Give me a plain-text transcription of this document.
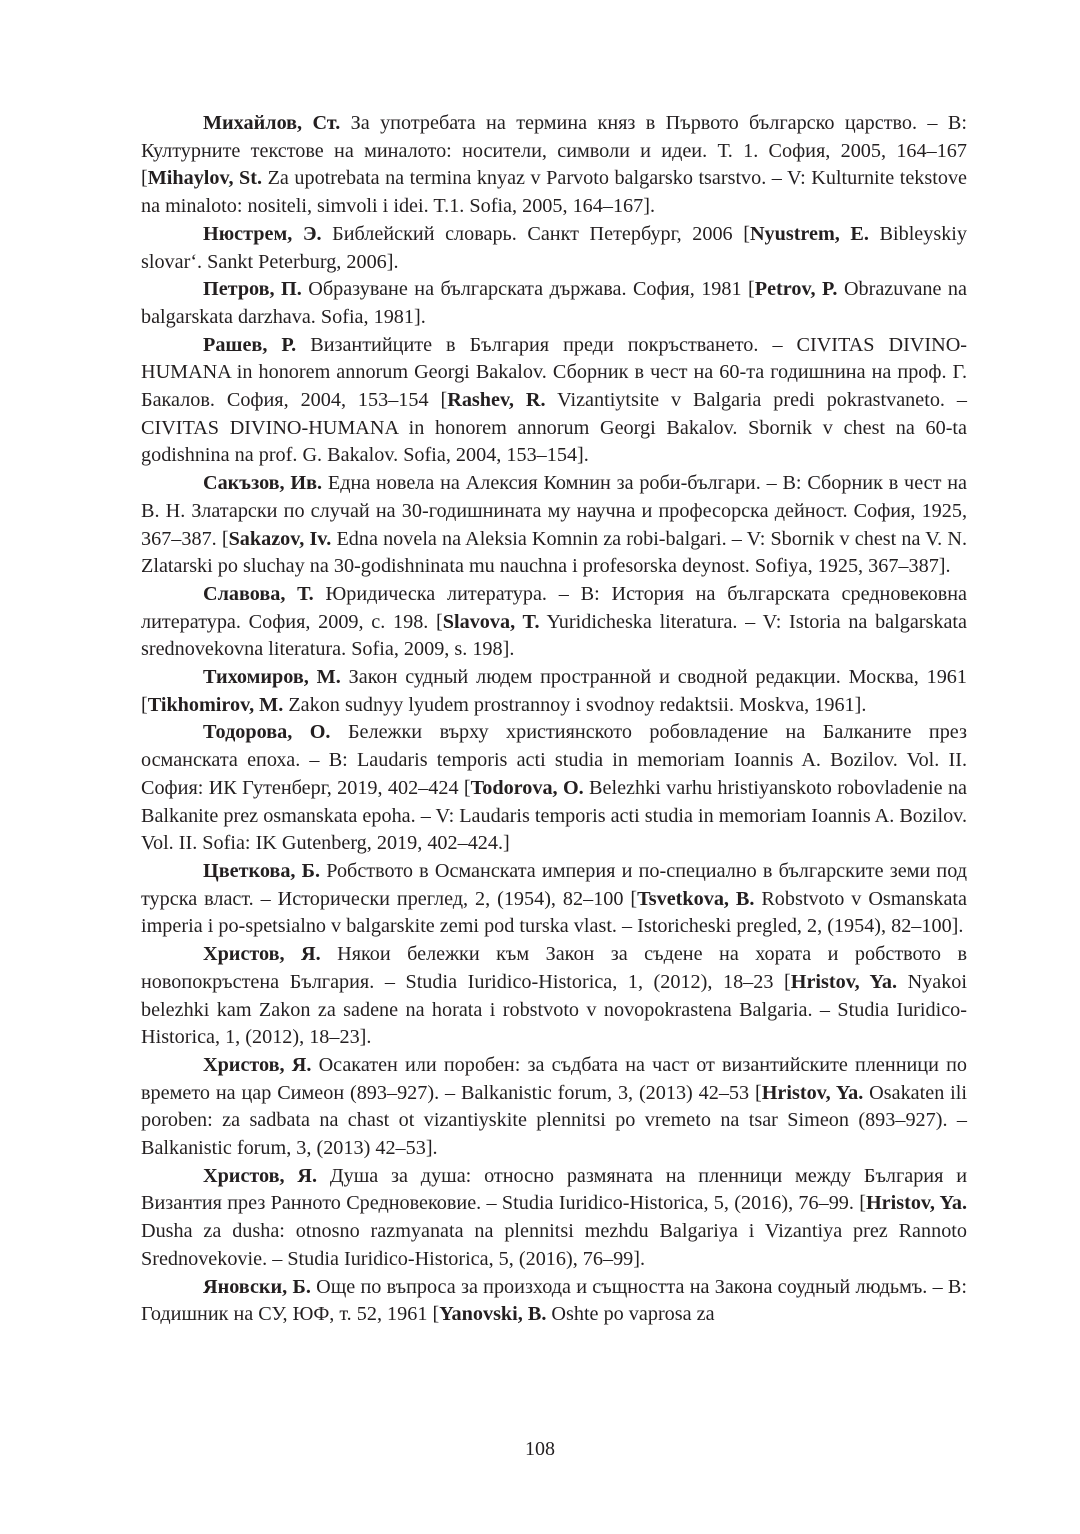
Михайлов, Ст. За употребата на термина княз в Първото българско царство. – В: Културните текстове на миналото: носители, символи и идеи. Т. 1. София, 2005, 164–167 [Mihaylov, St. Za upotrebata na termina knyaz v Parvoto balgarsko tsarstvo. – V: Kulturnite tekstove na minaloto: nositeli, simvoli i idei. T.1. Sofia, 2005, 164–167].

Нюстрем, Э. Библейский словарь. Санкт Петербург, 2006 [Nyustrem, E. Bibleyskiy slovar‘. Sankt Peterburg, 2006].

Петров, П. Образуване на българската държава. София, 1981 [Petrov, P. Obrazuvane na balgarskata darzhava. Sofia, 1981].

Рашев, Р. Византийците в България преди покръстването. – CIVITAS DIVINO-HUMANA in honorem annorum Georgi Bakalov. Сборник в чест на 60-та годишнина на проф. Г. Бакалов. София, 2004, 153–154 [Rashev, R. Vizantiytsite v Balgaria predi pokrastvaneto. – CIVITAS DIVINO-HUMANA in honorem annorum Georgi Bakalov. Sbornik v chest na 60-ta godishnina na prof. G. Bakalov. Sofia, 2004, 153–154].

Сакъзов, Ив. Една новела на Алексия Комнин за роби-българи. – В: Сборник в чест на В. Н. Златарски по случай на 30-годишнината му научна и професорска дейност. София, 1925, 367–387. [Sakazov, Iv. Edna novela na Aleksia Komnin za robi-balgari. – V: Sbornik v chest na V. N. Zlatarski po sluchay na 30-godishninata mu nauchna i profesorska deynost. Sofiya, 1925, 367–387].

Славова, Т. Юридическа литература. – В: История на българската средновековна литература. София, 2009, с. 198. [Slavova, T. Yuridicheska literatura. – V: Istoria na balgarskata srednovekovna literatura. Sofia, 2009, s. 198].

Тихомиров, М. Закон судный людем пространной и сводной редакции. Москва, 1961 [Tikhomirov, M. Zakon sudnyy lyudem prostrannoy i svodnoy redaktsii. Moskva, 1961].

Тодорова, О. Бележки върху християнското робовладение на Балканите през османската епоха. – В: Laudaris temporis acti studia in memoriam Ioannis A. Bozilov. Vol. II. София: ИК Гутенберг, 2019, 402–424 [Todorova, O. Belezhki varhu hristiyanskoto robovladenie na Balkanite prez osmanskata epoha. – V: Laudaris temporis acti studia in memoriam Ioannis A. Bozilov. Vol. II. Sofia: IK Gutenberg, 2019, 402–424.]

Цветкова, Б. Робството в Османската империя и по-специално в българските земи под турска власт. – Исторически преглед, 2, (1954), 82–100 [Tsvetkova, B. Robstvoto v Osmanskata imperia i po-spetsialno v balgarskite zemi pod turska vlast. – Istoricheski pregled, 2, (1954), 82–100].

Христов, Я. Някои бележки към Закон за съдене на хората и робството в новопокръстена България. – Studia Iuridico-Historica, 1, (2012), 18–23 [Hristov, Ya. Nyakoi belezhki kam Zakon za sadene na horata i robstvoto v novopokrastena Balgaria. – Studia Iuridico-Historica, 1, (2012), 18–23].

Христов, Я. Осакатен или поробен: за съдбата на част от византийските пленници по времето на цар Симеон (893–927). – Balkanistic forum, 3, (2013) 42–53 [Hristov, Ya. Osakaten ili poroben: za sadbata na chast ot vizantiyskite plennitsi po vremeto na tsar Simeon (893–927). – Balkanistic forum, 3, (2013) 42–53].

Христов, Я. Душа за душа: относно размяната на пленници между България и Византия през Ранното Средновековие. – Studia Iuridico-Historica, 5, (2016), 76–99. [Hristov, Ya. Dusha za dusha: otnosno razmyanata na plennitsi mezhdu Balgariya i Vizantiya prez Rannoto Srednovekovie. – Studia Iuridico-Historica, 5, (2016), 76–99].

Яновски, Б. Още по въпроса за произхода и същността на Закона соудный людьмъ. – В: Годишник на СУ, ЮФ, т. 52, 1961 [Yanovski, B. Oshte po vaprosa za

108
